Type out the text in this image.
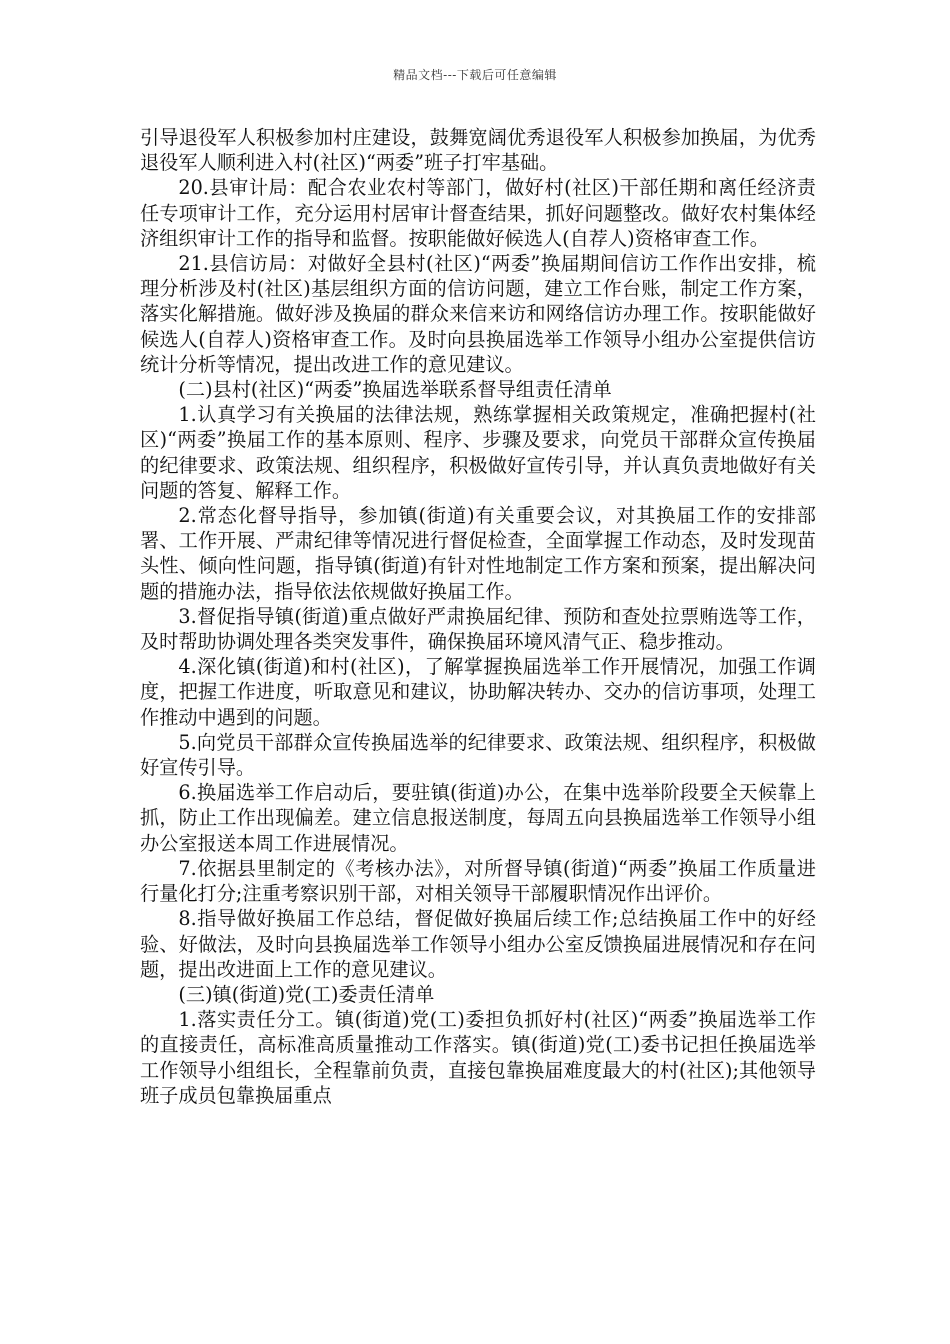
精品文档---下载后可任意编辑

引导退役军人积极参加村庄建设，鼓舞宽阔优秀退役军人积极参加换届，为优秀退役军人顺利进入村(社区)“两委”班子打牢基础。

20.县审计局：配合农业农村等部门，做好村(社区)干部任期和离任经济责任专项审计工作，充分运用村居审计督查结果，抓好问题整改。做好农村集体经济组织审计工作的指导和监督。按职能做好候选人(自荐人)资格审查工作。

21.县信访局：对做好全县村(社区)“两委”换届期间信访工作作出安排，梳理分析涉及村(社区)基层组织方面的信访问题，建立工作台账，制定工作方案，落实化解措施。做好涉及换届的群众来信来访和网络信访办理工作。按职能做好候选人(自荐人)资格审查工作。及时向县换届选举工作领导小组办公室提供信访统计分析等情况，提出改进工作的意见建议。

(二)县村(社区)“两委”换届选举联系督导组责任清单

1.认真学习有关换届的法律法规，熟练掌握相关政策规定，准确把握村(社区)“两委”换届工作的基本原则、程序、步骤及要求，向党员干部群众宣传换届的纪律要求、政策法规、组织程序，积极做好宣传引导，并认真负责地做好有关问题的答复、解释工作。

2.常态化督导指导，参加镇(街道)有关重要会议，对其换届工作的安排部署、工作开展、严肃纪律等情况进行督促检查，全面掌握工作动态，及时发现苗头性、倾向性问题，指导镇(街道)有针对性地制定工作方案和预案，提出解决问题的措施办法，指导依法依规做好换届工作。

3.督促指导镇(街道)重点做好严肃换届纪律、预防和查处拉票贿选等工作，及时帮助协调处理各类突发事件，确保换届环境风清气正、稳步推动。

4.深化镇(街道)和村(社区)，了解掌握换届选举工作开展情况，加强工作调度，把握工作进度，听取意见和建议，协助解决转办、交办的信访事项，处理工作推动中遇到的问题。

5.向党员干部群众宣传换届选举的纪律要求、政策法规、组织程序，积极做好宣传引导。

6.换届选举工作启动后，要驻镇(街道)办公，在集中选举阶段要全天候靠上抓，防止工作出现偏差。建立信息报送制度，每周五向县换届选举工作领导小组办公室报送本周工作进展情况。

7.依据县里制定的《考核办法》，对所督导镇(街道)“两委”换届工作质量进行量化打分;注重考察识别干部，对相关领导干部履职情况作出评价。

8.指导做好换届工作总结，督促做好换届后续工作;总结换届工作中的好经验、好做法，及时向县换届选举工作领导小组办公室反馈换届进展情况和存在问题，提出改进面上工作的意见建议。

(三)镇(街道)党(工)委责任清单

1.落实责任分工。镇(街道)党(工)委担负抓好村(社区)“两委”换届选举工作的直接责任，高标准高质量推动工作落实。镇(街道)党(工)委书记担任换届选举工作领导小组组长，全程靠前负责，直接包靠换届难度最大的村(社区);其他领导班子成员包靠换届重点
